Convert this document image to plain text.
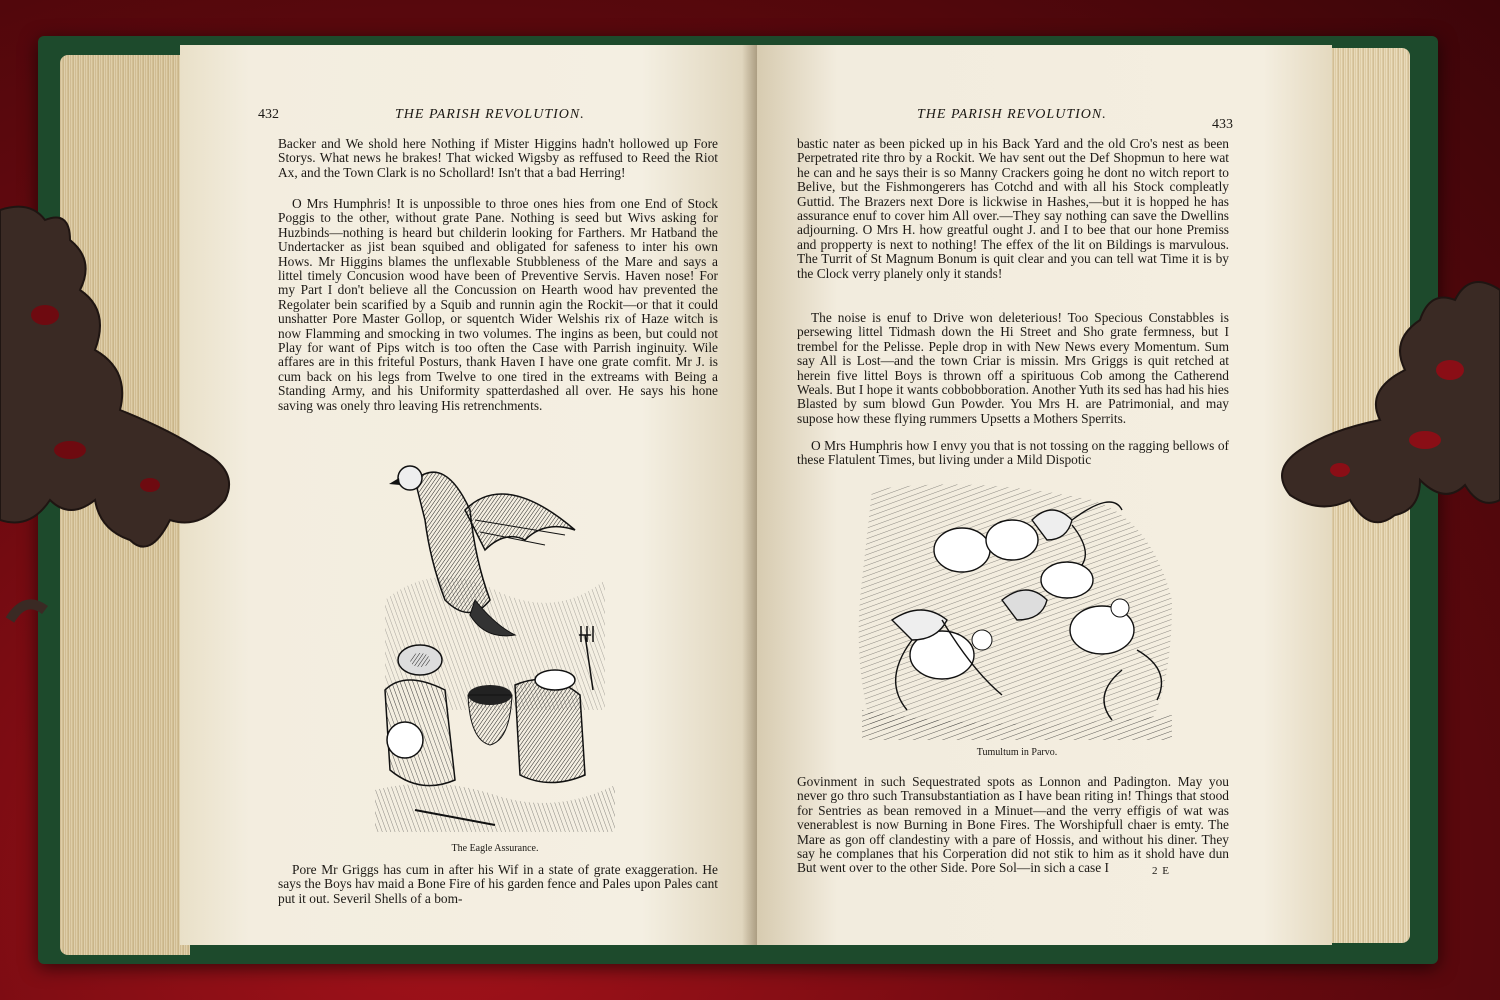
432	THE PARISH REVOLUTION.
Backer and We shold here Nothing if Mister Higgins hadn't hollowed up Fore Storys. What news he brakes! That wicked Wigsby as reffused to Reed the Riot Ax, and the Town Clark is no Schollard! Isn't that a bad Herring!
O Mrs Humphris! It is unpossible to throe ones hies from one End of Stock Poggis to the other, without grate Pane. Nothing is seed but Wivs asking for Huzbinds—nothing is heard but childerin looking for Farthers. Mr Hatband the Undertacker as jist bean squibed and obligated for safeness to inter his own Hows. Mr Higgins blames the unflexable Stubbleness of the Mare and says a littel timely Concusion wood have been of Preventive Servis. Haven nose! For my Part I don't believe all the Concussion on Hearth wood hav prevented the Regolater bein scarified by a Squib and runnin agin the Rockit—or that it could unshatter Pore Master Gollop, or squentch Wider Welshis rix of Haze witch is now Flamming and smocking in two volumes. The ingins as been, but could not Play for want of Pips witch is too often the Case with Parrish inginuity. Wile affares are in this friteful Posturs, thank Haven I have one grate comfit. Mr J. is cum back on his legs from Twelve to one tired in the extreams with Being a Standing Army, and his Uniformity spatterdashed all over. He says his hone saving was onely thro leaving His retrenchments.
The Eagle Assurance.
Pore Mr Griggs has cum in after his Wif in a state of grate exaggeration. He says the Boys hav maid a Bone Fire of his garden fence and Pales upon Pales cant put it out. Severil Shells of a bom-
THE PARISH REVOLUTION.
433
bastic nater as been picked up in his Back Yard and the old Cro's nest as been Perpetrated rite thro by a Rockit. We hav sent out the Def Shopmun to here wat he can and he says their is so Manny Crackers going he dont no witch report to Belive, but the Fishmongerers has Cotchd and with all his Stock compleatly Guttid. The Brazers next Dore is lickwise in Hashes,—but it is hopped he has assurance enuf to cover him All over.—They say nothing can save the Dwellins adjourning. O Mrs H. how greatful ought J. and I to bee that our hone Premiss and propperty is next to nothing! The effex of the lit on Bildings is marvulous. The Turrit of St Magnum Bonum is quit clear and you can tell wat Time it is by the Clock verry planely only it stands!
The noise is enuf to Drive won deleterious! Too Specious Constabbles is persewing littel Tidmash down the Hi Street and Sho grate fermness, but I trembel for the Pelisse. Peple drop in with New News every Momentum. Sum say All is Lost—and the town Criar is missin. Mrs Griggs is quit retched at herein five littel Boys is thrown off a spirituous Cob among the Catherend Weals. But I hope it wants cobbobboration. Another Yuth its sed has had his hies Blasted by sum blowd Gun Powder. You Mrs H. are Patrimonial, and may supose how these flying rummers Upsetts a Mothers Sperrits.
O Mrs Humphris how I envy you that is not tossing on the ragging bellows of these Flatulent Times, but living under a Mild Dispotic
Tumultum in Parvo.
Govinment in such Sequestrated spots as Lonnon and Padington. May you never go thro such Transubstantiation as I have bean riting in! Things that stood for Sentries as bean removed in a Minuet—and the verry effigis of wat was venerablest is now Burning in Bone Fires. The Worshipfull chaer is emty. The Mare as gon off clandestiny with a pare of Hossis, and without his diner. They say he complanes that his Corperation did not stik to him as it shold have dun But went over to the other Side. Pore Sol—in sich a case I	2 E
